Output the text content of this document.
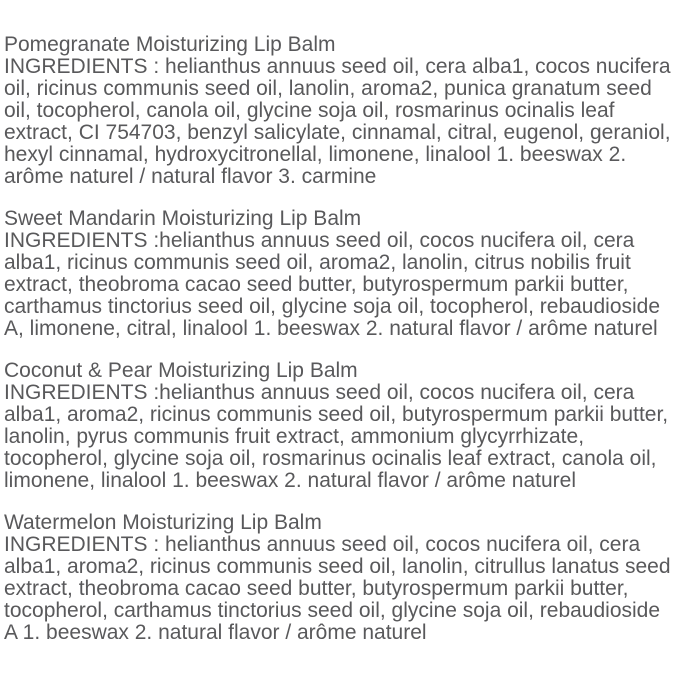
Pomegranate Moisturizing Lip Balm

INGREDIENTS : helianthus annuus seed oil, cera alba1, cocos nucifera oil, ricinus communis seed oil, lanolin, aroma2, punica granatum seed oil, tocopherol, canola oil, glycine soja oil, rosmarinus ocinalis leaf extract, CI 754703, benzyl salicylate, cinnamal, citral, eugenol, geraniol, hexyl cinnamal, hydroxycitronellal, limonene, linalool 1. beeswax 2. arôme naturel / natural flavor 3. carmine

Sweet Mandarin Moisturizing Lip Balm

INGREDIENTS :helianthus annuus seed oil, cocos nucifera oil, cera alba1, ricinus communis seed oil, aroma2, lanolin, citrus nobilis fruit extract, theobroma cacao seed butter, butyrospermum parkii butter, carthamus tinctorius seed oil, glycine soja oil, tocopherol, rebaudioside A, limonene, citral, linalool 1. beeswax 2. natural flavor / arôme naturel

Coconut & Pear Moisturizing Lip Balm

INGREDIENTS :helianthus annuus seed oil, cocos nucifera oil, cera alba1, aroma2, ricinus communis seed oil, butyrospermum parkii butter, lanolin, pyrus communis fruit extract, ammonium glycyrrhizate, tocopherol, glycine soja oil, rosmarinus ocinalis leaf extract, canola oil, limonene, linalool 1. beeswax 2. natural flavor / arôme naturel

Watermelon Moisturizing Lip Balm

INGREDIENTS : helianthus annuus seed oil, cocos nucifera oil, cera alba1, aroma2, ricinus communis seed oil, lanolin, citrullus lanatus seed extract, theobroma cacao seed butter, butyrospermum parkii butter, tocopherol, carthamus tinctorius seed oil, glycine soja oil, rebaudioside A 1. beeswax 2. natural flavor / arôme naturel
